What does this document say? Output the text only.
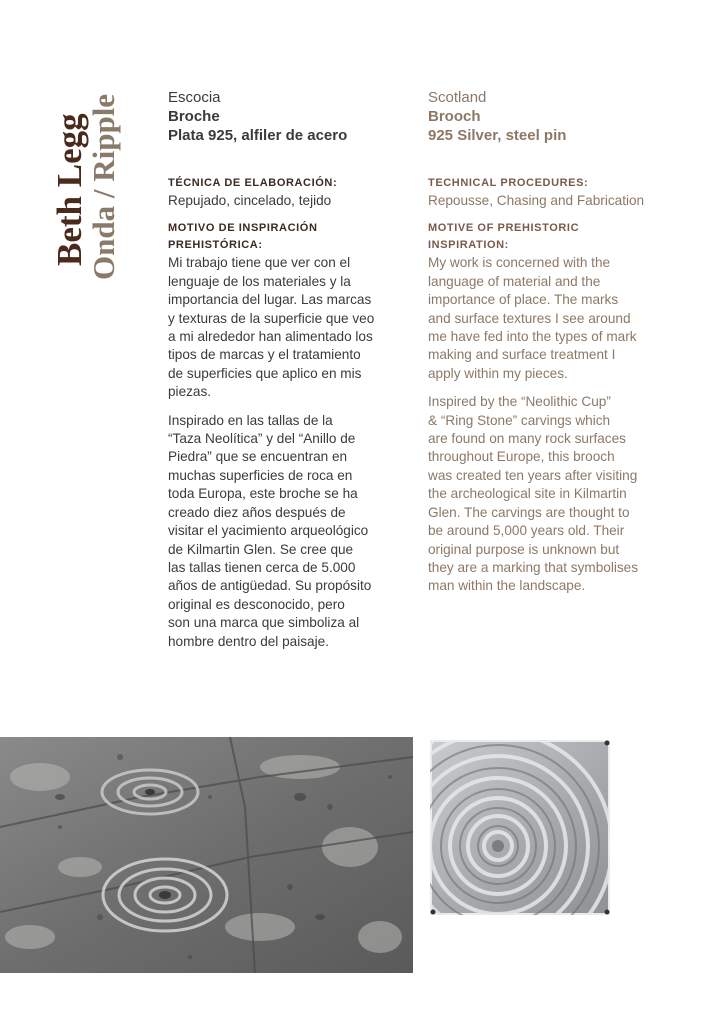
Beth Legg
Onda / Ripple	Escocia
Broche
Plata 925, alfiler de acero
TÉCNICA DE ELABORACIÓN:
Repujado, cincelado, tejido
MOTIVO DE INSPIRACIÓN
PREHISTÓRICA:
Mi trabajo tiene que ver con el
lenguaje de los materiales y la
importancia del lugar. Las marcas
y texturas de la superficie que veo
a mi alrededor han alimentado los
tipos de marcas y el tratamiento
de superficies que aplico en mis
piezas.
Inspirado en las tallas de la
“Taza Neolítica” y del “Anillo de
Piedra” que se encuentran en
muchas superficies de roca en
toda Europa, este broche se ha
creado diez años después de
visitar el yacimiento arqueológico
de Kilmartin Glen. Se cree que
las tallas tienen cerca de 5.000
años de antigüedad. Su propósito
original es desconocido, pero
son una marca que simboliza al
hombre dentro del paisaje.
Scotland
Brooch
925 Silver, steel pin
TECHNICAL PROCEDURES:
Repousse, Chasing and Fabrication
MOTIVE OF PREHISTORIC
INSPIRATION:
My work is concerned with the
language of material and the
importance of place. The marks
and surface textures I see around
me have fed into the types of mark
making and surface treatment I
apply within my pieces.
Inspired by the “Neolithic Cup”
& “Ring Stone” carvings which
are found on many rock surfaces
throughout Europe, this brooch
was created ten years after visiting
the archeological site in Kilmartin
Glen. The carvings are thought to
be around 5,000 years old. Their
original purpose is unknown but
they are a marking that symbolises
man within the landscape.
